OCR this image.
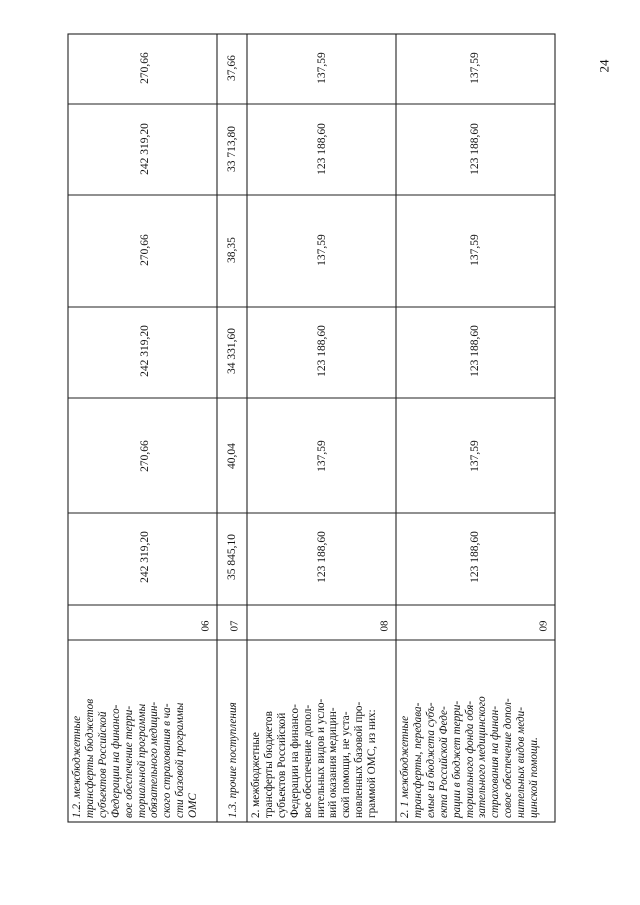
24
242 319,20
270,66
242 319,20
270,66
242 319,20
270,66
06
35 845,10
40,04
34 331,60
38,35
33 713,80
37,66
07
123 188,60
137,59
123 188,60
137,59
123 188,60
137,59
08
123 188,60
137,59
123 188,60
137,59
123 188,60
137,59
09
1.2. межбюджетные трансферты бюджетов субъектов Российской Федерации на финансо- вое обеспечение терри- ториальной программы обязательного медицин- ского страхования в ча- сти базовой программы ОМС 1.3. прочие поступления 2. межбюджетные трансферты бюджетов субъектов Российской Федерации на финансо- вое обеспечение допол- нительных видов и усло- вий оказания медицин- ской помощи, не уста- новленных базовой про- граммой ОМС, из них: 2. 1 межбюджетные трансферты, передава- емые из бюджета субъ- екта Российской Феде- рации в бюджет терри- ториального фонда обя- зательного медицинского страхования на финан- совое обеспечение допол- нительных видов меди- цинской помощи.
